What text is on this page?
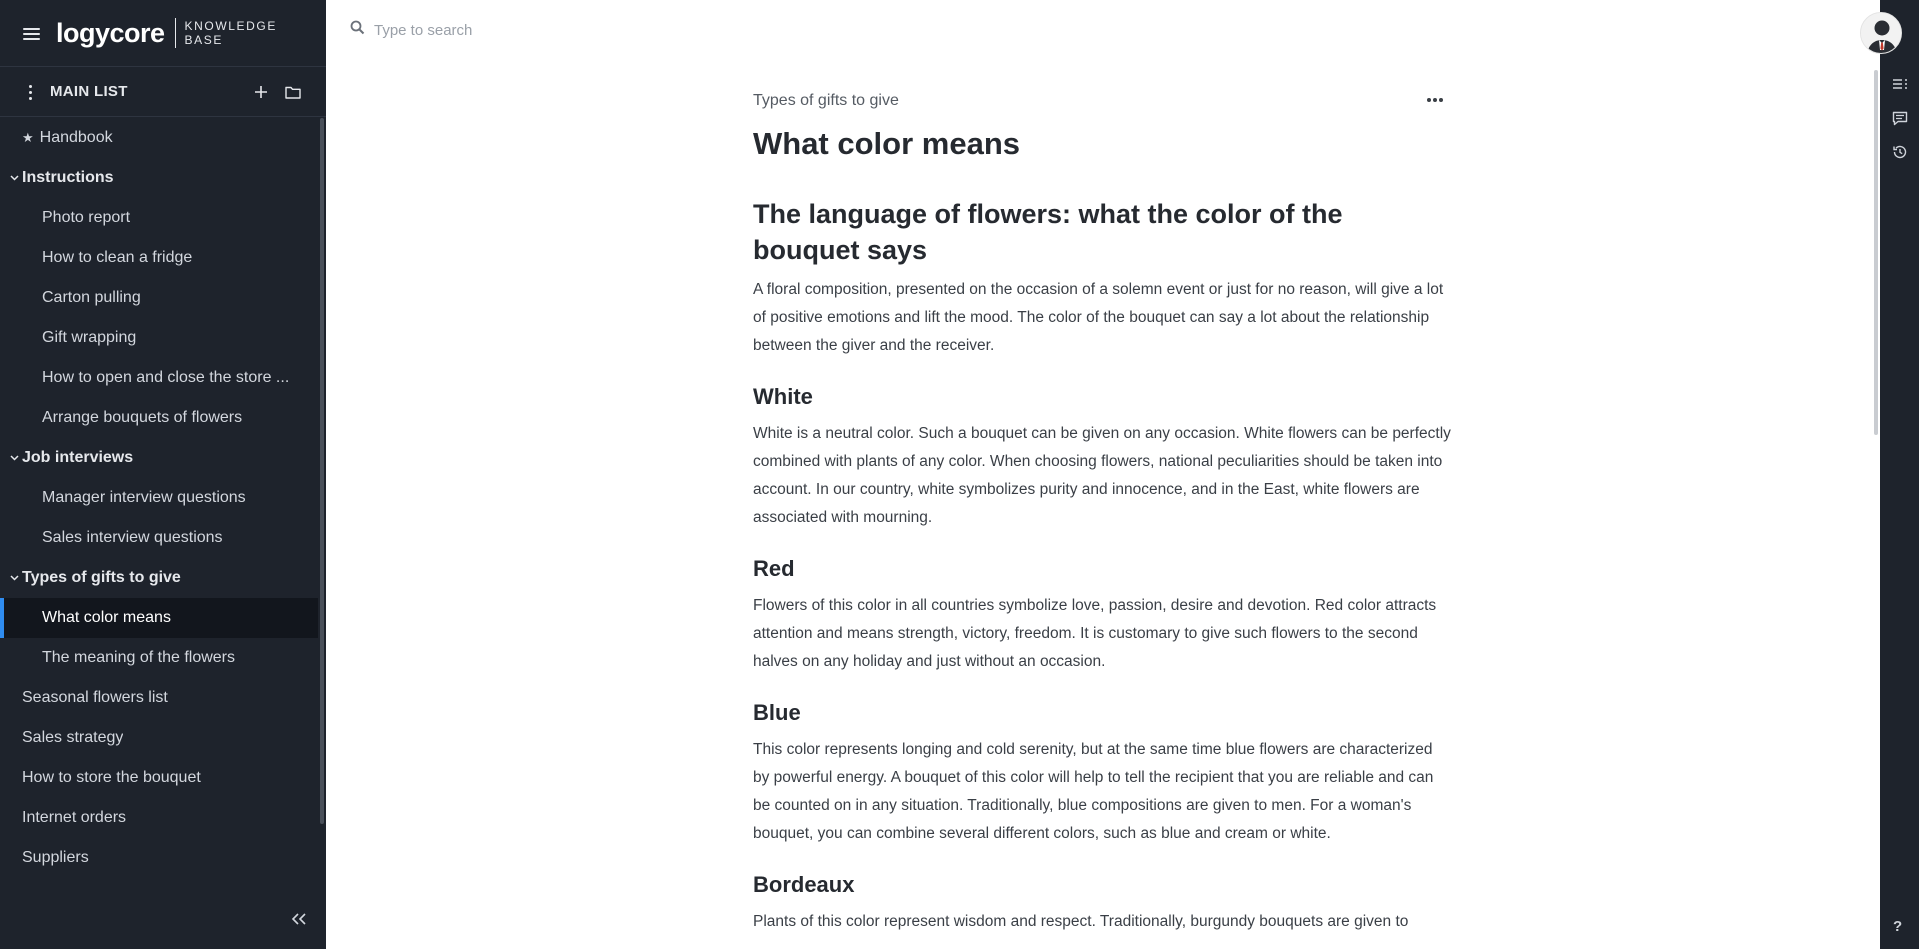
logycore KNOWLEDGE
BASE
MAIN LIST
★ Handbook
Instructions
Photo report
How to clean a fridge
Carton pulling
Gift wrapping
How to open and close the store ...
Arrange bouquets of flowers
Job interviews
Manager interview questions
Sales interview questions
Types of gifts to give
What color means
The meaning of the flowers
Seasonal flowers list
Sales strategy
How to store the bouquet
Internet orders
Suppliers
Type to search
Types of gifts to give
What color means
The language of flowers: what the color of the bouquet says

A floral composition, presented on the occasion of a solemn event or just for no reason, will give a lot of positive emotions and lift the mood. The color of the bouquet can say a lot about the relationship between the giver and the receiver.

White

White is a neutral color. Such a bouquet can be given on any occasion. White flowers can be perfectly combined with plants of any color. When choosing flowers, national peculiarities should be taken into account. In our country, white symbolizes purity and innocence, and in the East, white flowers are associated with mourning.

Red

Flowers of this color in all countries symbolize love, passion, desire and devotion. Red color attracts attention and means strength, victory, freedom. It is customary to give such flowers to the second halves on any holiday and just without an occasion.

Blue

This color represents longing and cold serenity, but at the same time blue flowers are characterized by powerful energy. A bouquet of this color will help to tell the recipient that you are reliable and can be counted on in any situation. Traditionally, blue compositions are given to men. For a woman's bouquet, you can combine several different colors, such as blue and cream or white.

Bordeaux

Plants of this color represent wisdom and respect. Traditionally, burgundy bouquets are given to	?
